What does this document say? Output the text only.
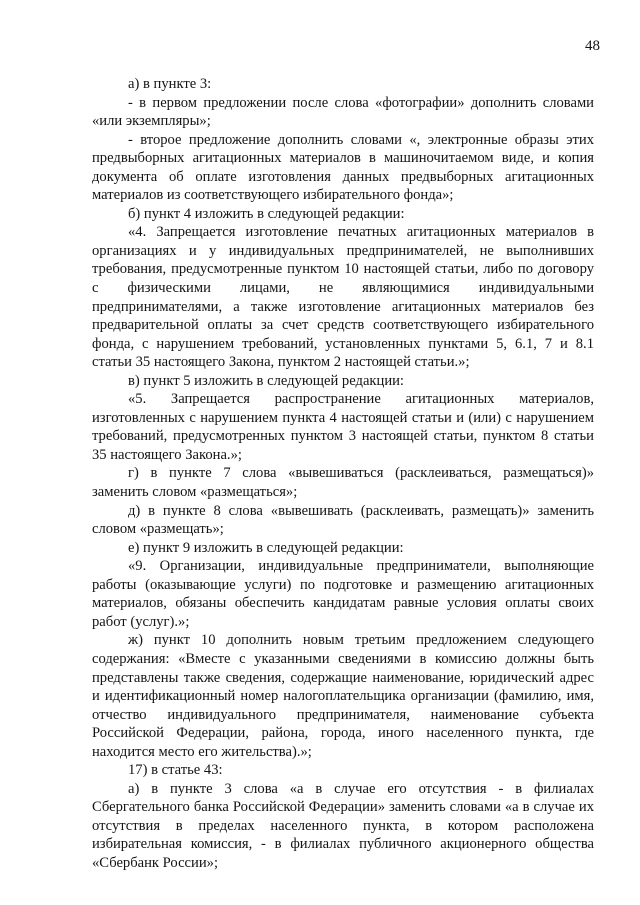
48

а) в пункте 3:

- в первом предложении после слова «фотографии» дополнить словами «или экземпляры»;

- второе предложение дополнить словами «, электронные образы этих предвыборных агитационных материалов в машиночитаемом виде, и копия документа об оплате изготовления данных предвыборных агитационных материалов из соответствующего избирательного фонда»;

б) пункт 4 изложить в следующей редакции:

«4. Запрещается изготовление печатных агитационных материалов в организациях и у индивидуальных предпринимателей, не выполнивших требования, предусмотренные пунктом 10 настоящей статьи, либо по договору с физическими лицами, не являющимися индивидуальными предпринимателями, а также изготовление агитационных материалов без предварительной оплаты за счет средств соответствующего избирательного фонда, с нарушением требований, установленных пунктами 5, 6.1, 7 и 8.1 статьи 35 настоящего Закона, пунктом 2 настоящей статьи.»;

в) пункт 5 изложить в следующей редакции:

«5. Запрещается распространение агитационных материалов, изготовленных с нарушением пункта 4 настоящей статьи и (или) с нарушением требований, предусмотренных пунктом 3 настоящей статьи, пунктом 8 статьи 35 настоящего Закона.»;

г) в пункте 7 слова «вывешиваться (расклеиваться, размещаться)» заменить словом «размещаться»;

д) в пункте 8 слова «вывешивать (расклеивать, размещать)» заменить словом «размещать»;

е) пункт 9 изложить в следующей редакции:

«9. Организации, индивидуальные предприниматели, выполняющие работы (оказывающие услуги) по подготовке и размещению агитационных материалов, обязаны обеспечить кандидатам равные условия оплаты своих работ (услуг).»;

ж) пункт 10 дополнить новым третьим предложением следующего содержания: «Вместе с указанными сведениями в комиссию должны быть представлены также сведения, содержащие наименование, юридический адрес и идентификационный номер налогоплательщика организации (фамилию, имя, отчество индивидуального предпринимателя, наименование субъекта Российской Федерации, района, города, иного населенного пункта, где находится место его жительства).»;

17) в статье 43:

а) в пункте 3 слова «а в случае его отсутствия - в филиалах Сбергательного банка Российской Федерации» заменить словами «а в случае их отсутствия в пределах населенного пункта, в котором расположена избирательная комиссия, - в филиалах публичного акционерного общества «Сбербанк России»;
